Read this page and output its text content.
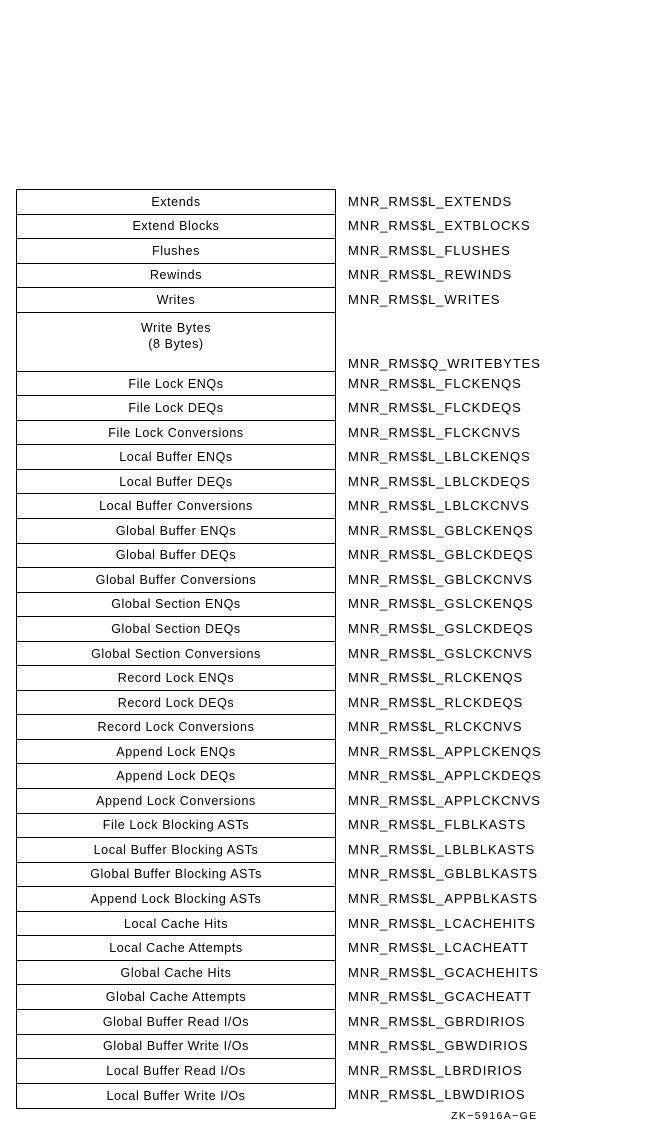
Extends
Extend Blocks
Flushes
Rewinds
Writes
Write Bytes
(8 Bytes)
File Lock ENQs
File Lock DEQs
File Lock Conversions
Local Buffer ENQs
Local Buffer DEQs
Local Buffer Conversions
Global Buffer ENQs
Global Buffer DEQs
Global Buffer Conversions
Global Section ENQs
Global Section DEQs
Global Section Conversions
Record Lock ENQs
Record Lock DEQs
Record Lock Conversions
Append Lock ENQs
Append Lock DEQs
Append Lock Conversions
File Lock Blocking ASTs
Local Buffer Blocking ASTs
Global Buffer Blocking ASTs
Append Lock Blocking ASTs
Local Cache Hits
Local Cache Attempts
Global Cache Hits
Global Cache Attempts
Global Buffer Read I/Os
Global Buffer Write I/Os
Local Buffer Read I/Os
Local Buffer Write I/Os
MNR_RMS$L_EXTENDS
MNR_RMS$L_EXTBLOCKS
MNR_RMS$L_FLUSHES
MNR_RMS$L_REWINDS
MNR_RMS$L_WRITES
MNR_RMS$Q_WRITEBYTES
MNR_RMS$L_FLCKENQS
MNR_RMS$L_FLCKDEQS
MNR_RMS$L_FLCKCNVS
MNR_RMS$L_LBLCKENQS
MNR_RMS$L_LBLCKDEQS
MNR_RMS$L_LBLCKCNVS
MNR_RMS$L_GBLCKENQS
MNR_RMS$L_GBLCKDEQS
MNR_RMS$L_GBLCKCNVS
MNR_RMS$L_GSLCKENQS
MNR_RMS$L_GSLCKDEQS
MNR_RMS$L_GSLCKCNVS
MNR_RMS$L_RLCKENQS
MNR_RMS$L_RLCKDEQS
MNR_RMS$L_RLCKCNVS
MNR_RMS$L_APPLCKENQS
MNR_RMS$L_APPLCKDEQS
MNR_RMS$L_APPLCKCNVS
MNR_RMS$L_FLBLKASTS
MNR_RMS$L_LBLBLKASTS
MNR_RMS$L_GBLBLKASTS
MNR_RMS$L_APPBLKASTS
MNR_RMS$L_LCACHEHITS
MNR_RMS$L_LCACHEATT
MNR_RMS$L_GCACHEHITS
MNR_RMS$L_GCACHEATT
MNR_RMS$L_GBRDIRIOS
MNR_RMS$L_GBWDIRIOS
MNR_RMS$L_LBRDIRIOS
MNR_RMS$L_LBWDIRIOS
ZK−5916A−GE
